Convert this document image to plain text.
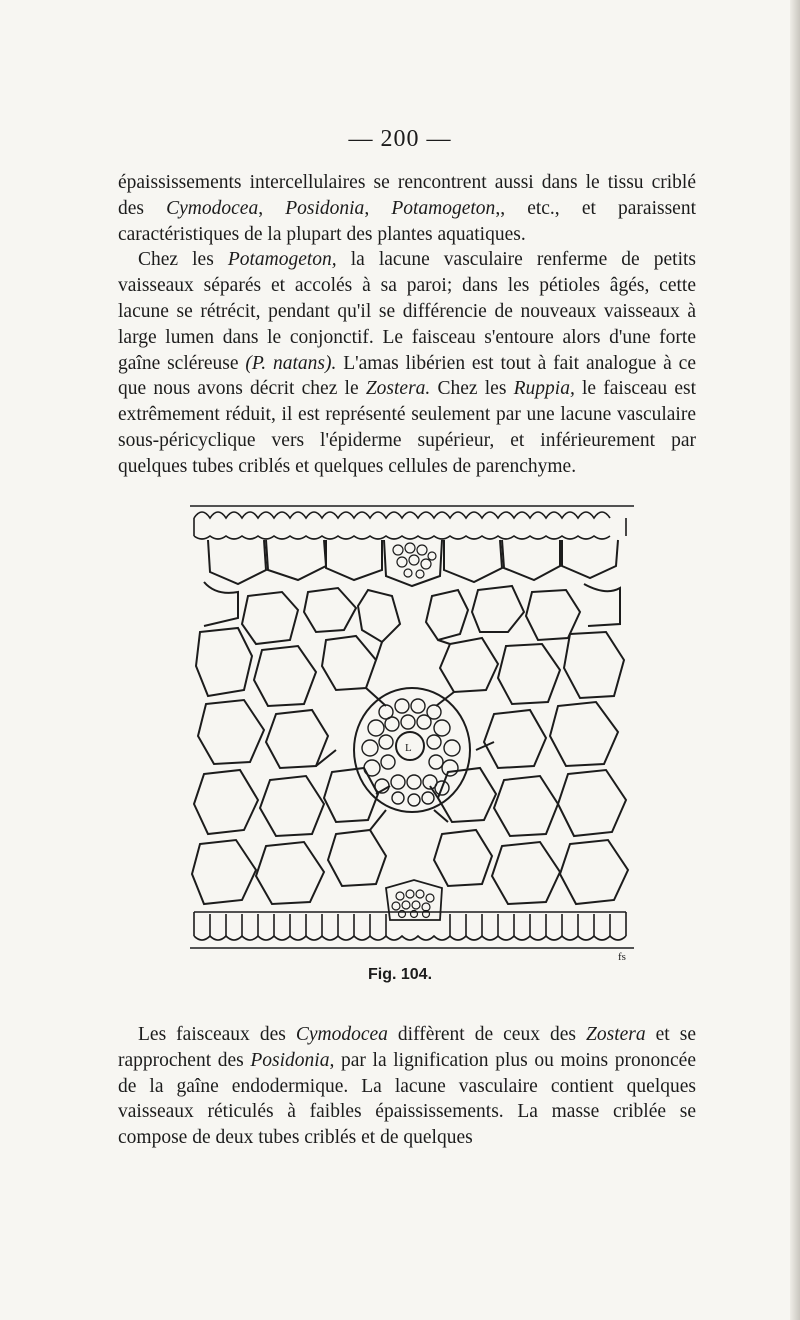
— 200 —

épaississements intercellulaires se rencontrent aussi dans le tissu criblé des Cymodocea, Posidonia, Potamogeton,, etc., et paraissent caractéristiques de la plupart des plantes aquatiques.

Chez les Potamogeton, la lacune vasculaire renferme de petits vaisseaux séparés et accolés à sa paroi; dans les pétioles âgés, cette lacune se rétrécit, pendant qu'il se différencie de nouveaux vaisseaux à large lumen dans le conjonctif. Le faisceau s'entoure alors d'une forte gaîne scléreuse (P. natans). L'amas libérien est tout à fait analogue à ce que nous avons décrit chez le Zostera. Chez les Ruppia, le faisceau est extrêmement réduit, il est représenté seulement par une lacune vasculaire sous-péricyclique vers l'épiderme supérieur, et inférieurement par quelques tubes criblés et quelques cellules de parenchyme.

L
fs
Fig. 104.

Les faisceaux des Cymodocea diffèrent de ceux des Zostera et se rapprochent des Posidonia, par la lignification plus ou moins prononcée de la gaîne endodermique. La lacune vasculaire contient quelques vaisseaux réticulés à faibles épaississements. La masse criblée se compose de deux tubes criblés et de quelques
